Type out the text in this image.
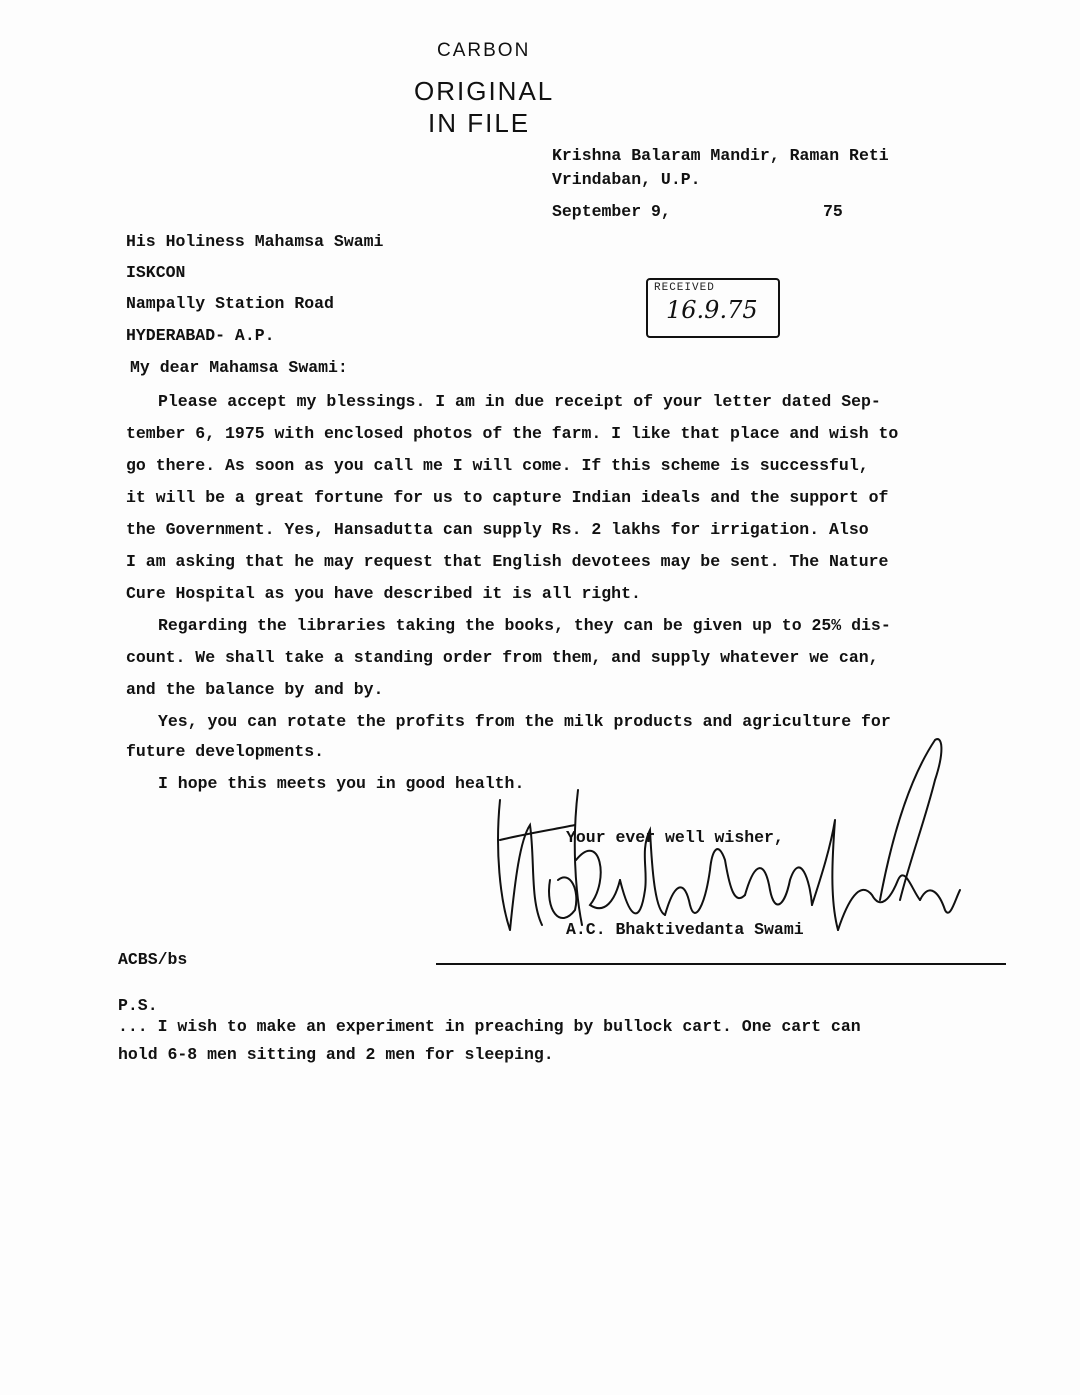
CARBON
ORIGINAL
IN FILE
Krishna Balaram Mandir, Raman Reti
Vrindaban, U.P.
September 9,	75
His Holiness Mahamsa Swami
ISKCON
Nampally Station Road
HYDERABAD- A.P.
RECEIVED
16.9.75
My dear Mahamsa Swami:
Please accept my blessings. I am in due receipt of your letter dated Sep-
tember 6, 1975 with enclosed photos of the farm. I like that place and wish to
go there. As soon as you call me I will come. If this scheme is successful,
it will be a great fortune for us to capture Indian ideals and the support of
the Government. Yes, Hansadutta can supply Rs. 2 lakhs for irrigation. Also
I am asking that he may request that English devotees may be sent. The Nature
Cure Hospital as you have described it is all right.
Regarding the libraries taking the books, they can be given up to 25% dis-
count. We shall take a standing order from them, and supply whatever we can,
and the balance by and by.
Yes, you can rotate the profits from the milk products and agriculture for
future developments.
I hope this meets you in good health.
Your ever well wisher,
A.C. Bhaktivedanta Swami
ACBS/bs
P.S.
... I wish to make an experiment in preaching by bullock cart. One cart can
hold 6-8 men sitting and 2 men for sleeping.
